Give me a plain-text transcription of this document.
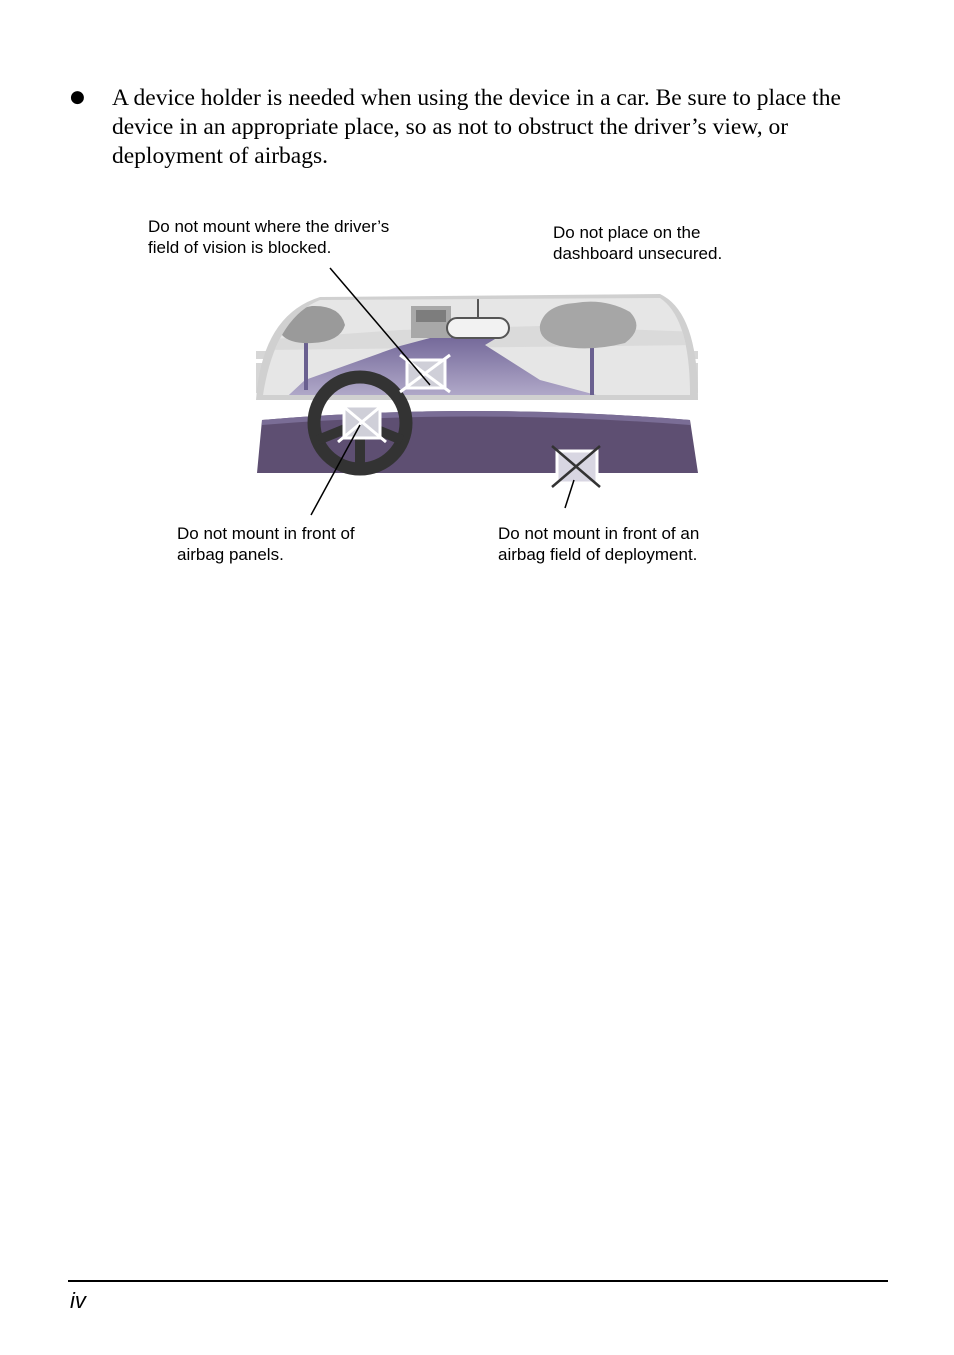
● A device holder is needed when using the device in a car. Be sure to place the device in an appropriate place, so as not to obstruct the driver’s view, or deployment of airbags.
Do not mount where the driver’s
field of vision is blocked.
Do not place on the
dashboard unsecured.
Do not mount in front of
airbag panels.
Do not mount in front of an
airbag field of deployment.
iv
